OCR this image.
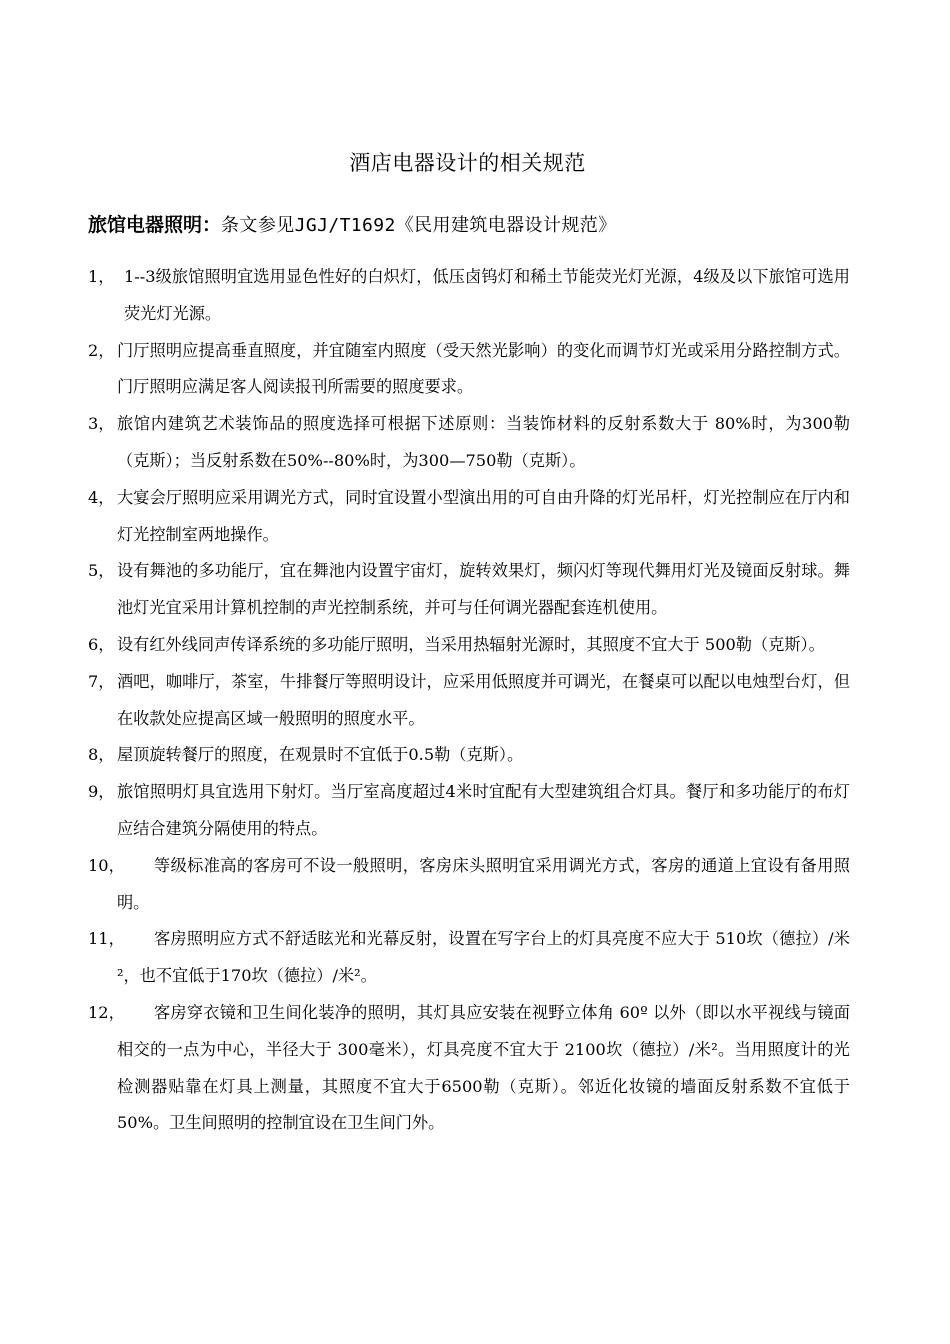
酒店电器设计的相关规范
旅馆电器照明：条文参见JGJ/T1692《民用建筑电器设计规范》
1， 1--3级旅馆照明宜选用显色性好的白炽灯，低压卤钨灯和稀土节能荧光灯光源，4级及以下旅馆可选用荧光灯光源。
2， 门厅照明应提高垂直照度，并宜随室内照度（受天然光影响）的变化而调节灯光或采用分路控制方式。门厅照明应满足客人阅读报刊所需要的照度要求。
3， 旅馆内建筑艺术装饰品的照度选择可根据下述原则：当装饰材料的反射系数大于 80%时，为300勒（克斯）；当反射系数在50%--80%时，为300—750勒（克斯）。
4， 大宴会厅照明应采用调光方式，同时宜设置小型演出用的可自由升降的灯光吊杆，灯光控制应在厅内和灯光控制室两地操作。
5， 设有舞池的多功能厅，宜在舞池内设置宇宙灯，旋转效果灯，频闪灯等现代舞用灯光及镜面反射球。舞池灯光宜采用计算机控制的声光控制系统，并可与任何调光器配套连机使用。
6， 设有红外线同声传译系统的多功能厅照明，当采用热辐射光源时，其照度不宜大于 500勒（克斯）。
7， 酒吧，咖啡厅，茶室，牛排餐厅等照明设计，应采用低照度并可调光，在餐桌可以配以电烛型台灯，但在收款处应提高区域一般照明的照度水平。
8， 屋顶旋转餐厅的照度，在观景时不宜低于0.5勒（克斯）。
9， 旅馆照明灯具宜选用下射灯。当厅室高度超过4米时宜配有大型建筑组合灯具。餐厅和多功能厅的布灯应结合建筑分隔使用的特点。
10， 等级标准高的客房可不设一般照明，客房床头照明宜采用调光方式，客房的通道上宜设有备用照明。
11， 客房照明应方式不舒适眩光和光幕反射，设置在写字台上的灯具亮度不应大于 510坎（德拉）/米²，也不宜低于170坎（德拉）/米²。
12， 客房穿衣镜和卫生间化装净的照明，其灯具应安装在视野立体角 60º 以外（即以水平视线与镜面相交的一点为中心，半径大于 300毫米），灯具亮度不宜大于 2100坎（德拉）/米²。当用照度计的光检测器贴靠在灯具上测量，其照度不宜大于6500勒（克斯）。邻近化妆镜的墙面反射系数不宜低于50%。卫生间照明的控制宜设在卫生间门外。
